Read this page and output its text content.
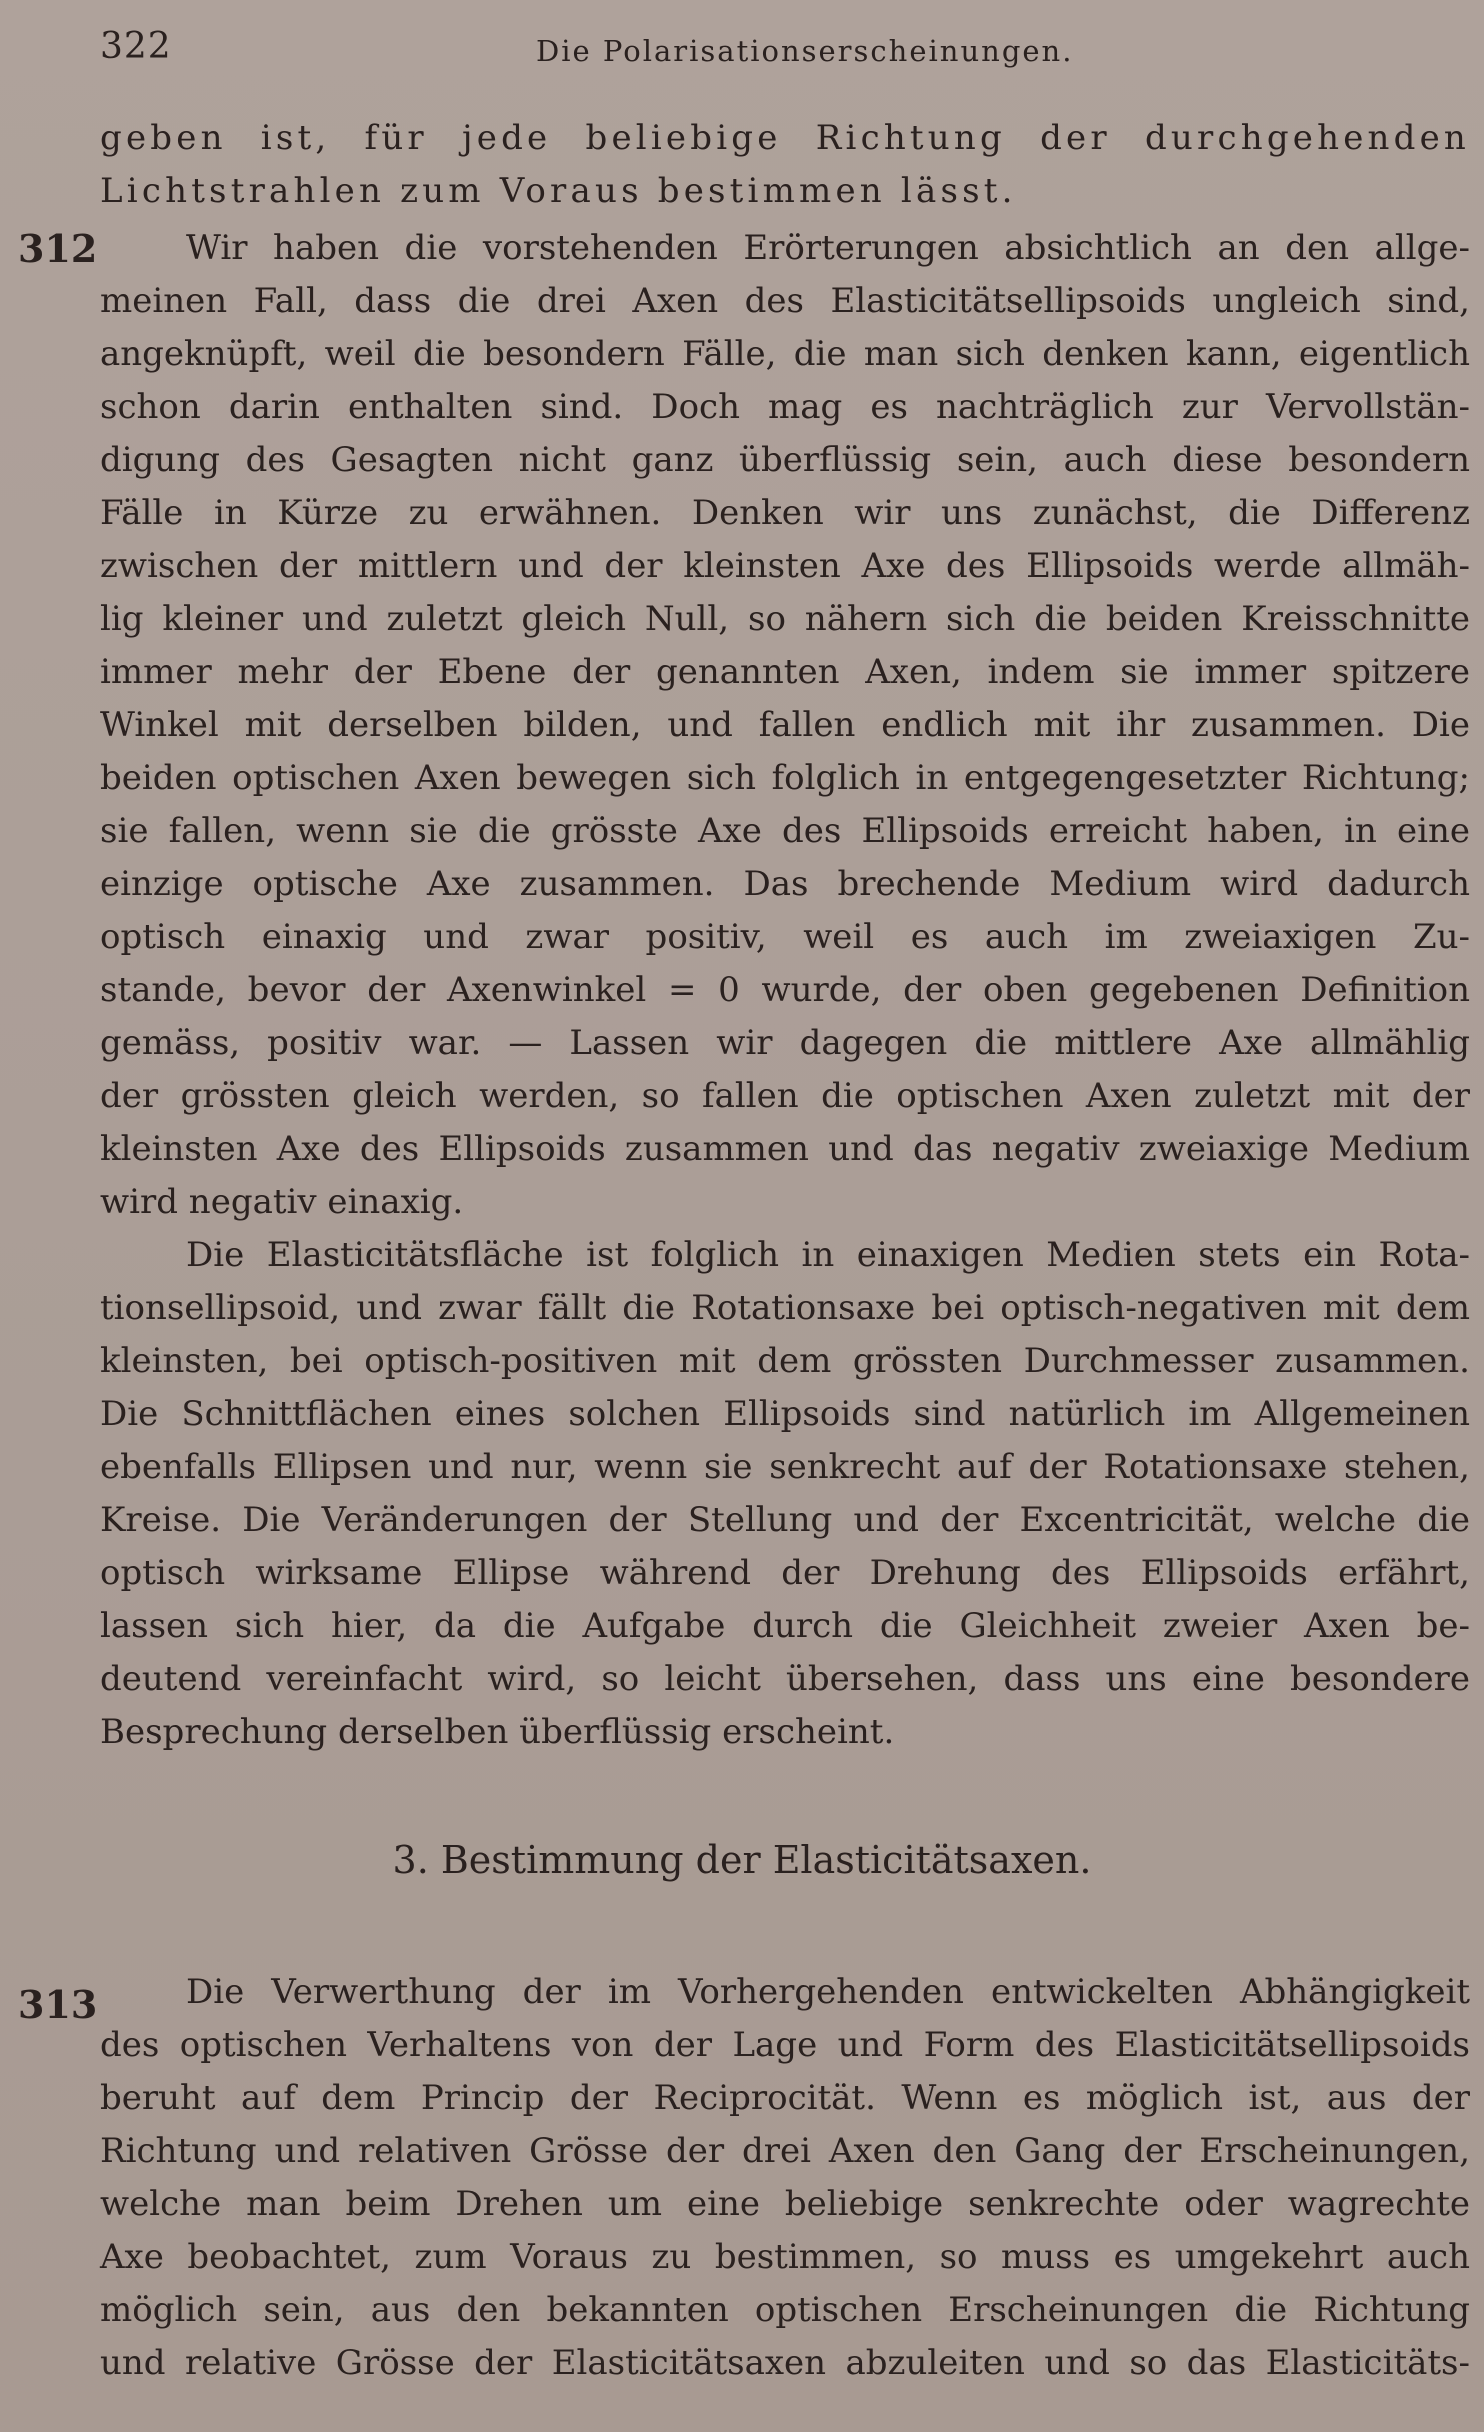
322	Die Polarisationserscheinungen.
geben ist, für jede beliebige Richtung der durchgehenden
Lichtstrahlen zum Voraus bestimmen lässt.
312	Wir haben die vorstehenden Erörterungen absichtlich an den allge-
meinen Fall, dass die drei Axen des Elasticitätsellipsoids ungleich sind,
angeknüpft, weil die besondern Fälle, die man sich denken kann, eigentlich
schon darin enthalten sind. Doch mag es nachträglich zur Vervollstän-
digung des Gesagten nicht ganz überflüssig sein, auch diese besondern
Fälle in Kürze zu erwähnen. Denken wir uns zunächst, die Differenz
zwischen der mittlern und der kleinsten Axe des Ellipsoids werde allmäh-
lig kleiner und zuletzt gleich Null, so nähern sich die beiden Kreisschnitte
immer mehr der Ebene der genannten Axen, indem sie immer spitzere
Winkel mit derselben bilden, und fallen endlich mit ihr zusammen. Die
beiden optischen Axen bewegen sich folglich in entgegengesetzter Richtung;
sie fallen, wenn sie die grösste Axe des Ellipsoids erreicht haben, in eine
einzige optische Axe zusammen. Das brechende Medium wird dadurch
optisch einaxig und zwar positiv, weil es auch im zweiaxigen Zu-
stande, bevor der Axenwinkel = 0 wurde, der oben gegebenen Definition
gemäss, positiv war. — Lassen wir dagegen die mittlere Axe allmählig
der grössten gleich werden, so fallen die optischen Axen zuletzt mit der
kleinsten Axe des Ellipsoids zusammen und das negativ zweiaxige Medium
wird negativ einaxig.
Die Elasticitätsfläche ist folglich in einaxigen Medien stets ein Rota-
tionsellipsoid, und zwar fällt die Rotationsaxe bei optisch-negativen mit dem
kleinsten, bei optisch-positiven mit dem grössten Durchmesser zusammen.
Die Schnittflächen eines solchen Ellipsoids sind natürlich im Allgemeinen
ebenfalls Ellipsen und nur, wenn sie senkrecht auf der Rotationsaxe stehen,
Kreise. Die Veränderungen der Stellung und der Excentricität, welche die
optisch wirksame Ellipse während der Drehung des Ellipsoids erfährt,
lassen sich hier, da die Aufgabe durch die Gleichheit zweier Axen be-
deutend vereinfacht wird, so leicht übersehen, dass uns eine besondere
Besprechung derselben überflüssig erscheint.
3. Bestimmung der Elasticitätsaxen.
313	Die Verwerthung der im Vorhergehenden entwickelten Abhängigkeit
des optischen Verhaltens von der Lage und Form des Elasticitätsellipsoids
beruht auf dem Princip der Reciprocität. Wenn es möglich ist, aus der
Richtung und relativen Grösse der drei Axen den Gang der Erscheinungen,
welche man beim Drehen um eine beliebige senkrechte oder wagrechte
Axe beobachtet, zum Voraus zu bestimmen, so muss es umgekehrt auch
möglich sein, aus den bekannten optischen Erscheinungen die Richtung
und relative Grösse der Elasticitätsaxen abzuleiten und so das Elasticitäts-
